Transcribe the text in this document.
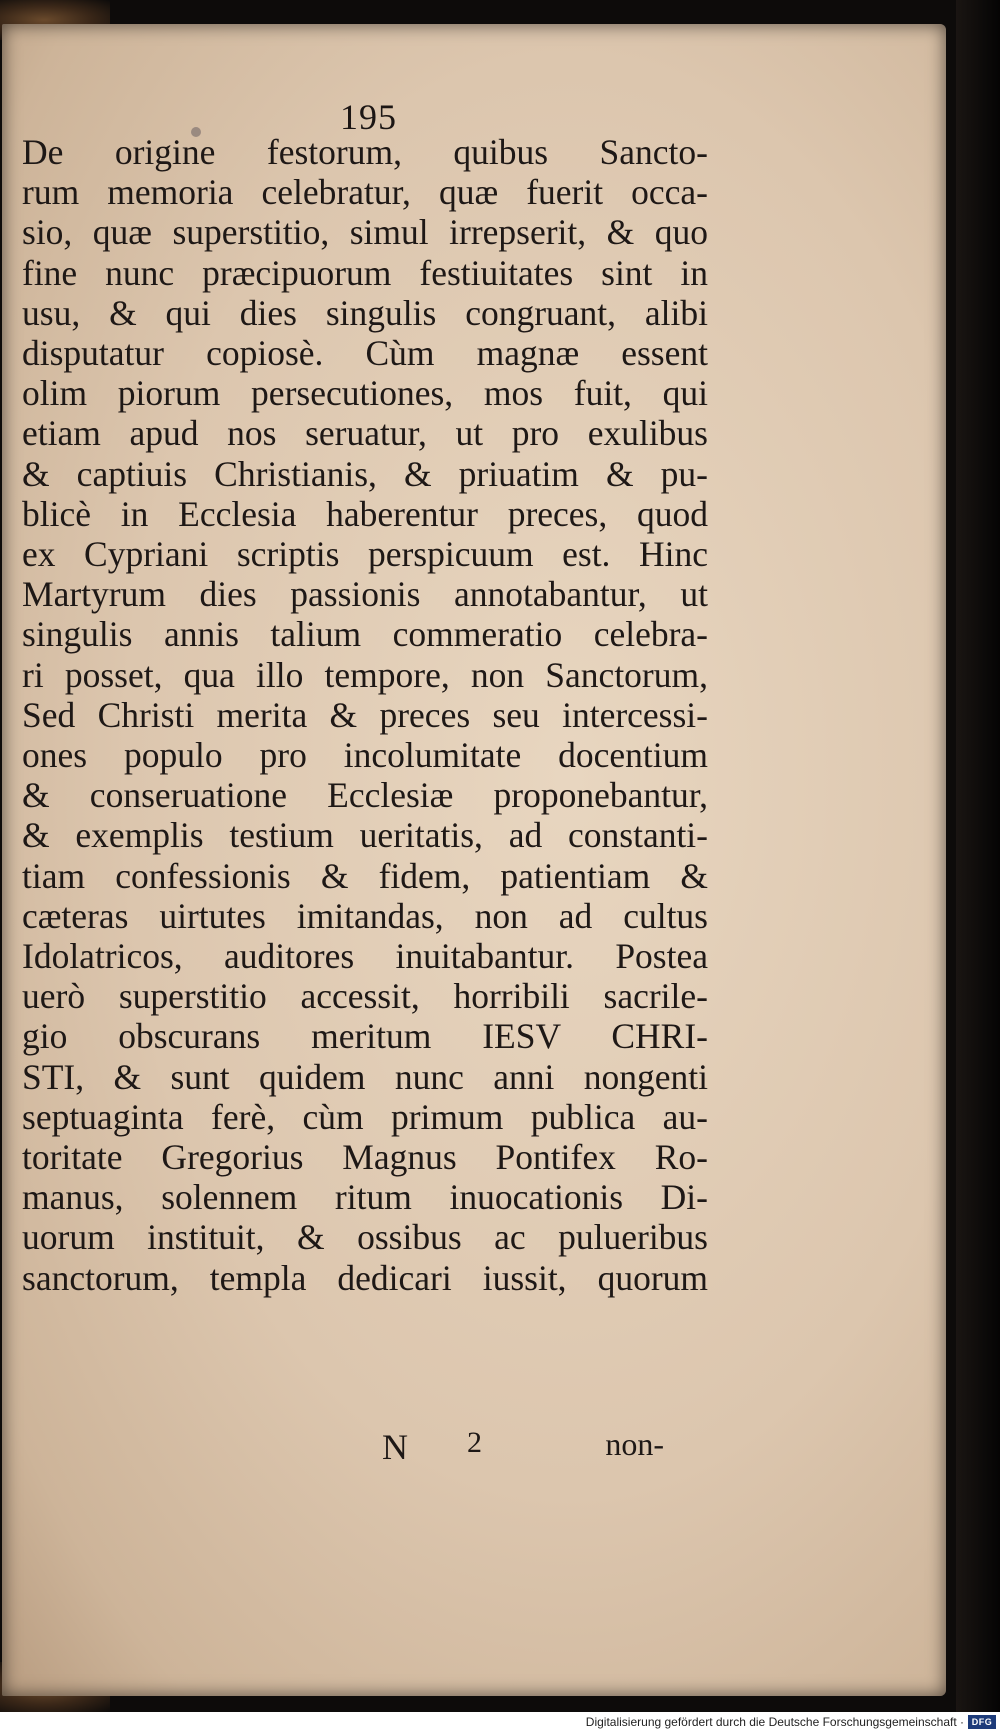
195
De origine festorum, quibus Sancto-
rum memoria celebratur, quæ fuerit occa-
sio, quæ superstitio, simul irrepserit, & quo
fine nunc præcipuorum festiuitates sint in
usu, & qui dies singulis congruant, alibi
disputatur copiosè. Cùm magnæ essent
olim piorum persecutiones, mos fuit, qui
etiam apud nos seruatur, ut pro exulibus
& captiuis Christianis, & priuatim & pu-
blicè in Ecclesia haberentur preces, quod
ex Cypriani scriptis perspicuum est. Hinc
Martyrum dies passionis annotabantur, ut
singulis annis talium commeratio celebra-
ri posset, qua illo tempore, non Sanctorum,
Sed Christi merita & preces seu intercessi-
ones populo pro incolumitate docentium
& conseruatione Ecclesiæ proponebantur,
& exemplis testium ueritatis, ad constanti-
tiam confessionis & fidem, patientiam &
cæteras uirtutes imitandas, non ad cultus
Idolatricos, auditores inuitabantur. Postea
uerò superstitio accessit, horribili sacrile-
gio obscurans meritum IESV CHRI-
STI, & sunt quidem nunc anni nongenti
septuaginta ferè, cùm primum publica au-
toritate Gregorius Magnus Pontifex Ro-
manus, solennem ritum inuocationis Di-
uorum instituit, & ossibus ac pulueribus
sanctorum, templa dedicari iussit, quorum
N 2	non-
Digitalisierung gefördert durch die Deutsche Forschungsgemeinschaft · DFG
